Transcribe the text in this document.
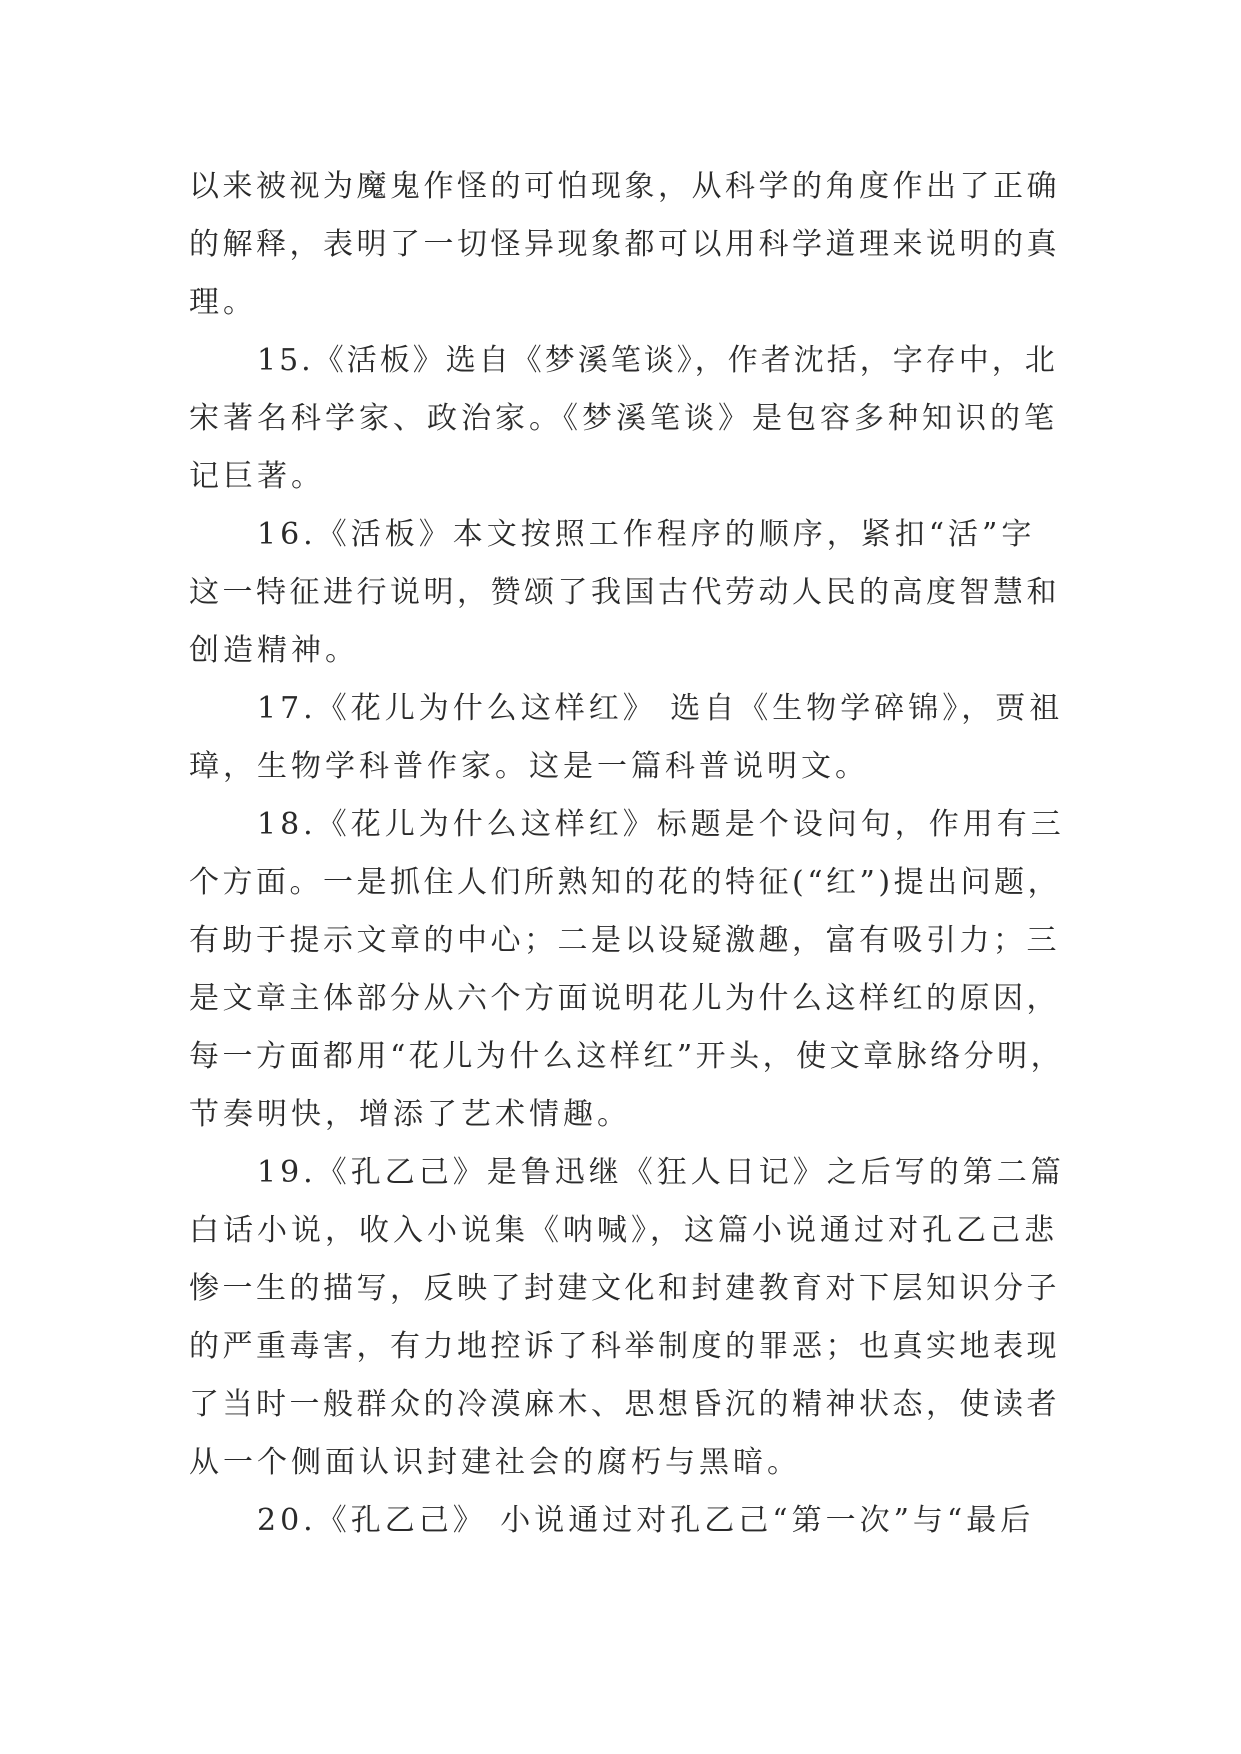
以来被视为魔鬼作怪的可怕现象，从科学的角度作出了正确
的解释，表明了一切怪异现象都可以用科学道理来说明的真
理。
15.《活板》选自《梦溪笔谈》，作者沈括，字存中，北
宋著名科学家、政治家。《梦溪笔谈》是包容多种知识的笔
记巨著。
16.《活板》本文按照工作程序的顺序，紧扣“活”字
这一特征进行说明，赞颂了我国古代劳动人民的高度智慧和
创造精神。
17.《花儿为什么这样红》 选自《生物学碎锦》，贾祖
璋，生物学科普作家。这是一篇科普说明文。
18.《花儿为什么这样红》标题是个设问句，作用有三
个方面。一是抓住人们所熟知的花的特征(“红”)提出问题，
有助于提示文章的中心；二是以设疑激趣，富有吸引力；三
是文章主体部分从六个方面说明花儿为什么这样红的原因，
每一方面都用“花儿为什么这样红”开头，使文章脉络分明，
节奏明快，增添了艺术情趣。
19.《孔乙己》是鲁迅继《狂人日记》之后写的第二篇
白话小说，收入小说集《呐喊》，这篇小说通过对孔乙己悲
惨一生的描写，反映了封建文化和封建教育对下层知识分子
的严重毒害，有力地控诉了科举制度的罪恶；也真实地表现
了当时一般群众的冷漠麻木、思想昏沉的精神状态，使读者
从一个侧面认识封建社会的腐朽与黑暗。
20.《孔乙己》 小说通过对孔乙己“第一次”与“最后
